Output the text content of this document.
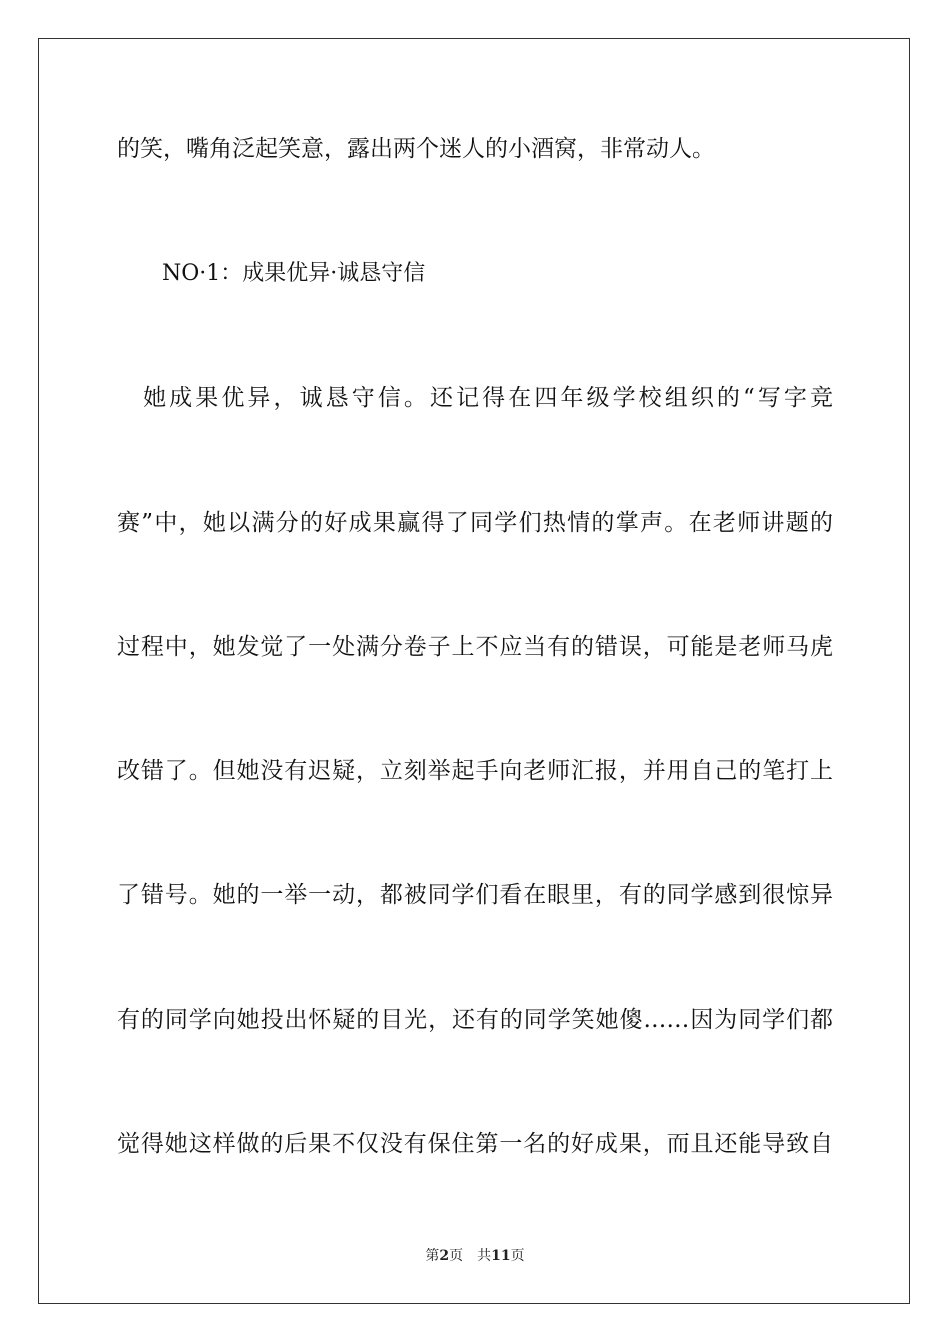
的笑，嘴角泛起笑意，露出两个迷人的小酒窝，非常动人。
NO·1：成果优异·诚恳守信
　她成果优异，诚恳守信。还记得在四年级学校组织的“写字竞
赛”中，她以满分的好成果赢得了同学们热情的掌声。在老师讲题的
过程中，她发觉了一处满分卷子上不应当有的错误，可能是老师马虎
改错了。但她没有迟疑，立刻举起手向老师汇报，并用自己的笔打上
了错号。她的一举一动，都被同学们看在眼里，有的同学感到很惊异
有的同学向她投出怀疑的目光，还有的同学笑她傻……因为同学们都
觉得她这样做的后果不仅没有保住第一名的好成果，而且还能导致自
第2页　共11页
